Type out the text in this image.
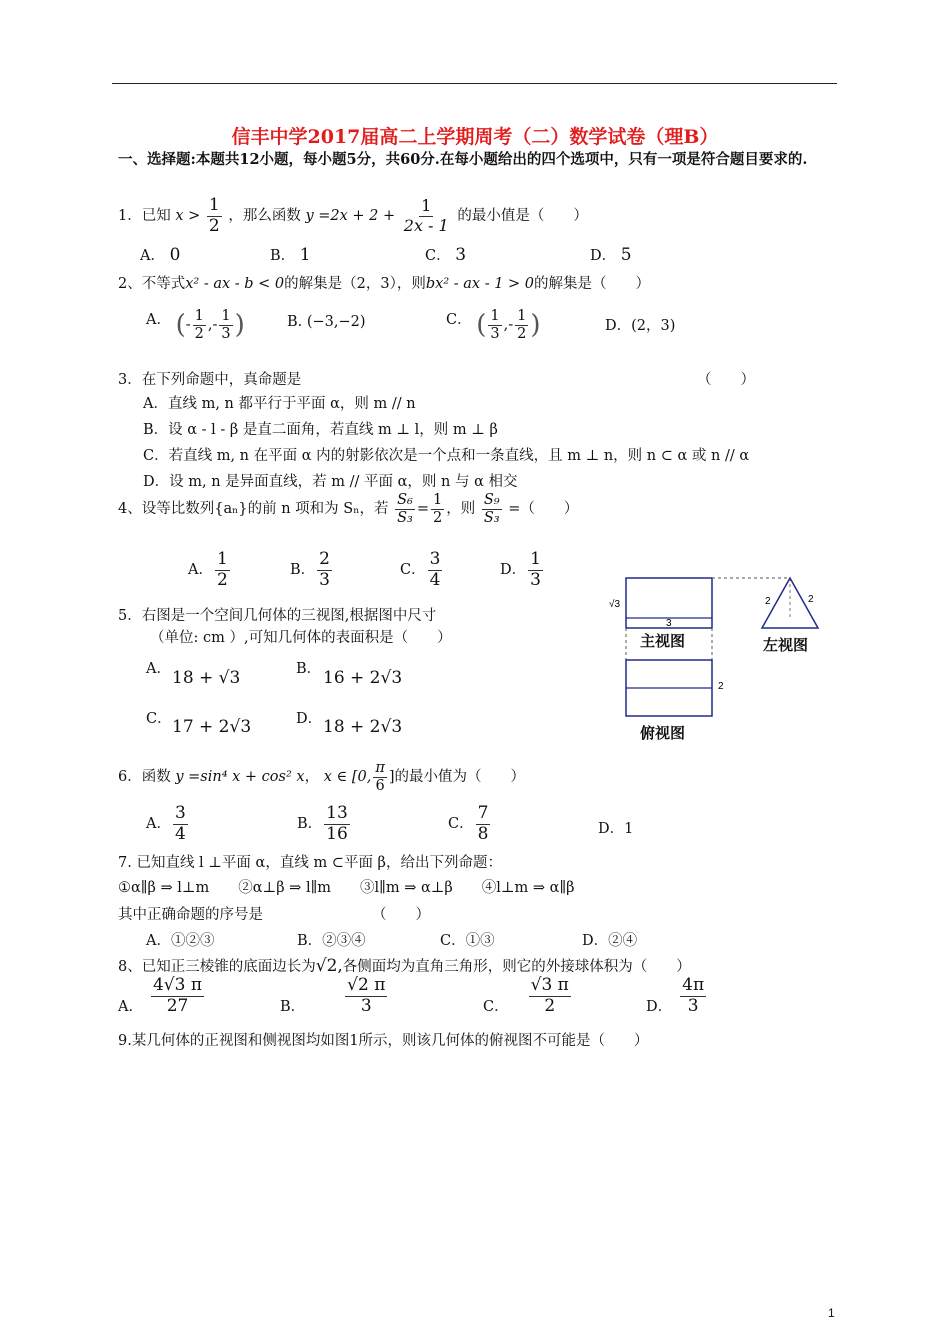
信丰中学2017届高二上学期周考（二）数学试卷（理B）
一、选择题:本题共12小题，每小题5分，共60分.在每小题给出的四个选项中，只有一项是符合题目要求的.
1．已知 $x > \frac{1}{2}$ ，那么函数 $y =2x + 2 + \frac{1}{2x - 1}$ 的最小值是（　　）
A． 0	B． 1	C． 3	D． 5
2、不等式x² - ax - b < 0的解集是（2，3），则bx² - ax - 1 > 0的解集是（　　）
A． (- $\frac{1}{2}$ ,- $\frac{1}{3}$ )	B. (−3,−2)	C． ( $\frac{1}{3}$ ,- $\frac{1}{2}$ )	D．(2，3)
3．在下列命题中，真命题是	（　　）
A．直线 m, n 都平行于平面 α，则 m // n
B．设 α - l - β 是直二面角，若直线 m ⊥ l，则 m ⊥ β
C．若直线 m, n 在平面 α 内的射影依次是一个点和一条直线，且 m ⊥ n，则 n ⊂ α 或 n // α
D．设 m, n 是异面直线，若 m // 平面 α，则 n 与 α 相交
4、设等比数列{aₙ}的前 n 项和为 Sₙ，若 $\frac{\text{S₆}}{\text{S₃}} = \frac{1}{2}$ ，则 $\frac{\text{S₉}}{\text{S₃}}$ =（　　）
A． $\frac{1}{2}$	B． $\frac{2}{3}$	C． $\frac{3}{4}$	D． $\frac{1}{3}$
5．右图是一个空间几何体的三视图,根据图中尺寸
（单位: cm ）,可知几何体的表面积是（　　）
A． 18 + √3	B． 16 + 2√3
C． 17 + 2√3	D． 18 + 2√3
√3
3
2	2
2
主视图	左视图
俯视图
6．函数 y =sin⁴ x + cos² x， x ∈ [0, $\frac{\pi}{6}$ ]的最小值为（　　）
A． $\frac{3}{4}$	B． $\frac{13}{16}$	C． $\frac{7}{8}$	D．1
7. 已知直线 l ⊥平面 α，直线 m ⊂平面 β，给出下列命题：
①α∥β ⇒ l⊥m　　②α⊥β ⇒ l∥m　　③l∥m ⇒ α⊥β　　④l⊥m ⇒ α∥β
其中正确命题的序号是	（　　）
A．①②③	B．②③④	C．①③	D．②④
8、已知正三棱锥的底面边长为√2,各侧面均为直角三角形，则它的外接球体积为（　　）
A． $\frac{4√3 \pi}{27}$	B． $\frac{√2 \pi}{3}$	C． $\frac{√3 \pi}{2}$	D． $\frac{4\pi}{3}$
9.某几何体的正视图和侧视图均如图1所示，则该几何体的俯视图不可能是（　　）
1
